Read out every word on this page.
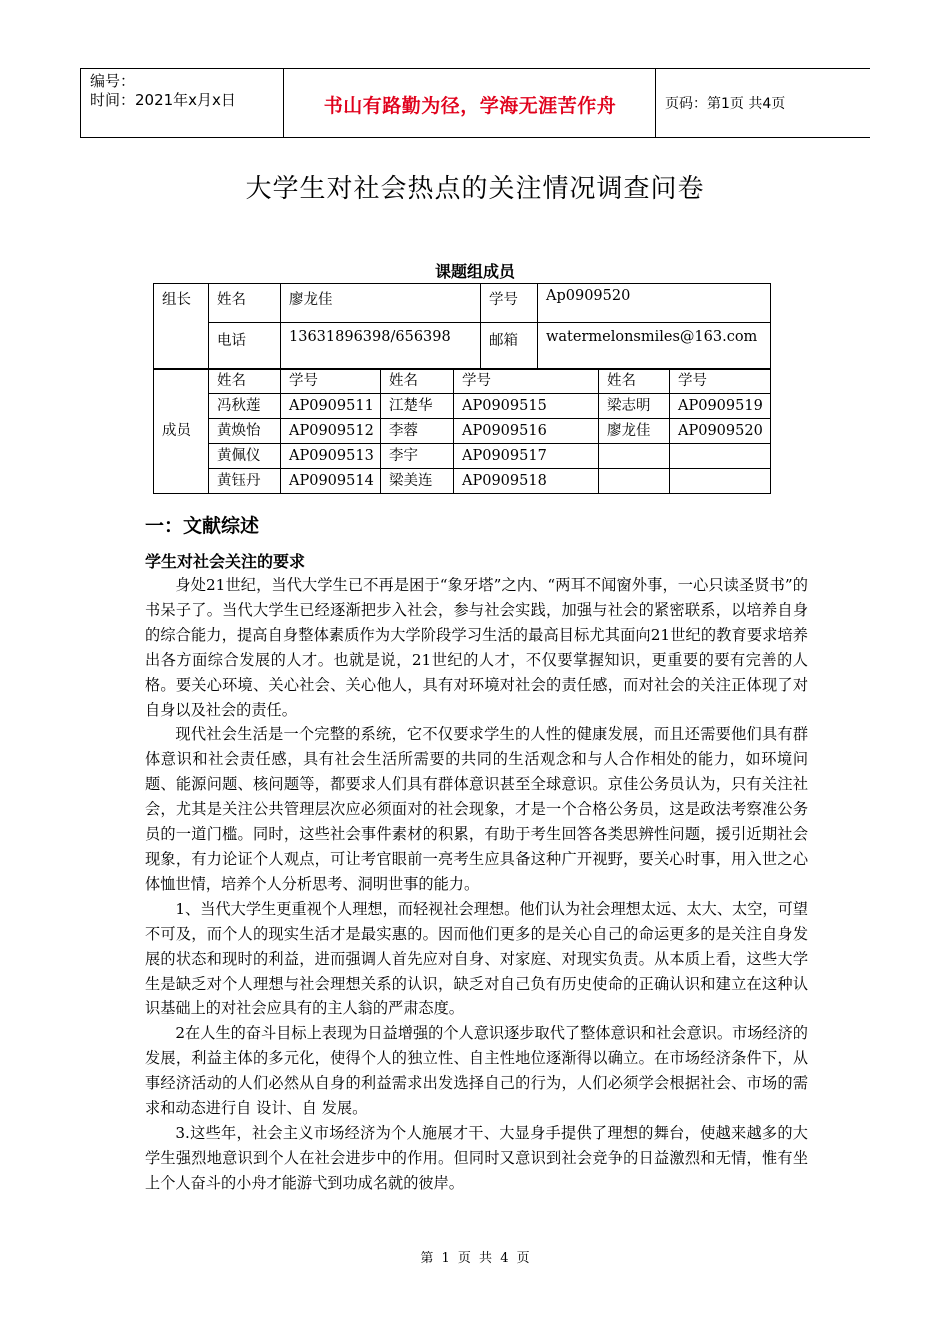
编号：
时间：2021年x月x日	书山有路勤为径，学海无涯苦作舟	页码：第1页 共4页
大学生对社会热点的关注情况调查问卷
课题组成员
组长	姓名	廖龙佳	学号	Ap0909520
	电话	13631896398/656398	邮箱	watermelonsmiles@163.com
成员	姓名	学号	姓名	学号	姓名	学号
	冯秋莲	AP0909511	江楚华	AP0909515	梁志明	AP0909519
	黄焕怡	AP0909512	李蓉	AP0909516	廖龙佳	AP0909520
	黄佩仪	AP0909513	李宇	AP0909517		
	黄钰丹	AP0909514	梁美连	AP0909518		
一：文献综述
学生对社会关注的要求

身处21世纪，当代大学生已不再是困于“象牙塔”之内、“两耳不闻窗外事，一心只读圣贤书”的书呆子了。当代大学生已经逐渐把步入社会，参与社会实践，加强与社会的紧密联系，以培养自身的综合能力，提高自身整体素质作为大学阶段学习生活的最高目标尤其面向21世纪的教育要求培养出各方面综合发展的人才。也就是说，21世纪的人才，不仅要掌握知识，更重要的要有完善的人格。要关心环境、关心社会、关心他人，具有对环境对社会的责任感，而对社会的关注正体现了对自身以及社会的责任。

现代社会生活是一个完整的系统，它不仅要求学生的人性的健康发展，而且还需要他们具有群体意识和社会责任感，具有社会生活所需要的共同的生活观念和与人合作相处的能力，如环境问题、能源问题、核问题等，都要求人们具有群体意识甚至全球意识。京佳公务员认为，只有关注社会，尤其是关注公共管理层次应必须面对的社会现象，才是一个合格公务员，这是政法考察准公务员的一道门槛。同时，这些社会事件素材的积累，有助于考生回答各类思辨性问题，援引近期社会现象，有力论证个人观点，可让考官眼前一亮考生应具备这种广开视野，要关心时事，用入世之心体恤世情，培养个人分析思考、洞明世事的能力。

1、当代大学生更重视个人理想，而轻视社会理想。他们认为社会理想太远、太大、太空，可望不可及，而个人的现实生活才是最实惠的。因而他们更多的是关心自己的命运更多的是关注自身发展的状态和现时的利益，进而强调人首先应对自身、对家庭、对现实负责。从本质上看，这些大学生是缺乏对个人理想与社会理想关系的认识，缺乏对自己负有历史使命的正确认识和建立在这种认识基础上的对社会应具有的主人翁的严肃态度。

2在人生的奋斗目标上表现为日益增强的个人意识逐步取代了整体意识和社会意识。市场经济的发展，利益主体的多元化，使得个人的独立性、自主性地位逐渐得以确立。在市场经济条件下，从事经济活动的人们必然从自身的利益需求出发选择自己的行为，人们必须学会根据社会、市场的需求和动态进行自 设计、自 发展。

3.这些年，社会主义市场经济为个人施展才干、大显身手提供了理想的舞台，使越来越多的大学生强烈地意识到个人在社会进步中的作用。但同时又意识到社会竞争的日益激烈和无情，惟有坐上个人奋斗的小舟才能游弋到功成名就的彼岸。

第 1 页 共 4 页
